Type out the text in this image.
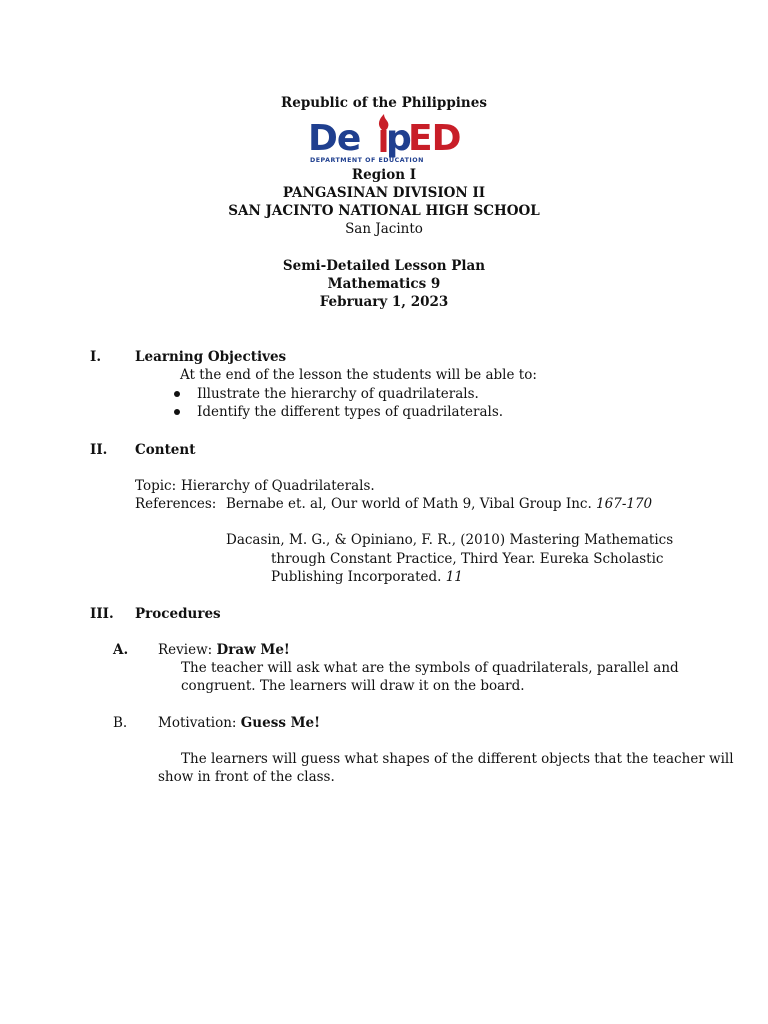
Republic of the Philippines
De p
ED
DEPARTMENT OF EDUCATION
Region I
PANGASINAN DIVISION II
SAN JACINTO NATIONAL HIGH SCHOOL
San Jacinto
Semi-Detailed Lesson Plan
Mathematics 9
February 1, 2023
I.	Learning Objectives
At the end of the lesson the students will be able to:
Illustrate the hierarchy of quadrilaterals.
Identify the different types of quadrilaterals.
II. Content
Topic: Hierarchy of Quadrilaterals.
References: Bernabe et. al, Our world of Math 9, Vibal Group Inc. 167-170
Dacasin, M. G., & Opiniano, F. R., (2010) Mastering Mathematics
through Constant Practice, Third Year. Eureka Scholastic
Publishing Incorporated. 11
III. Procedures
A. Review: Draw Me!
The teacher will ask what are the symbols of quadrilaterals, parallel and
congruent. The learners will draw it on the board.
B. Motivation: Guess Me!
The learners will guess what shapes of the different objects that the teacher will
show in front of the class.
